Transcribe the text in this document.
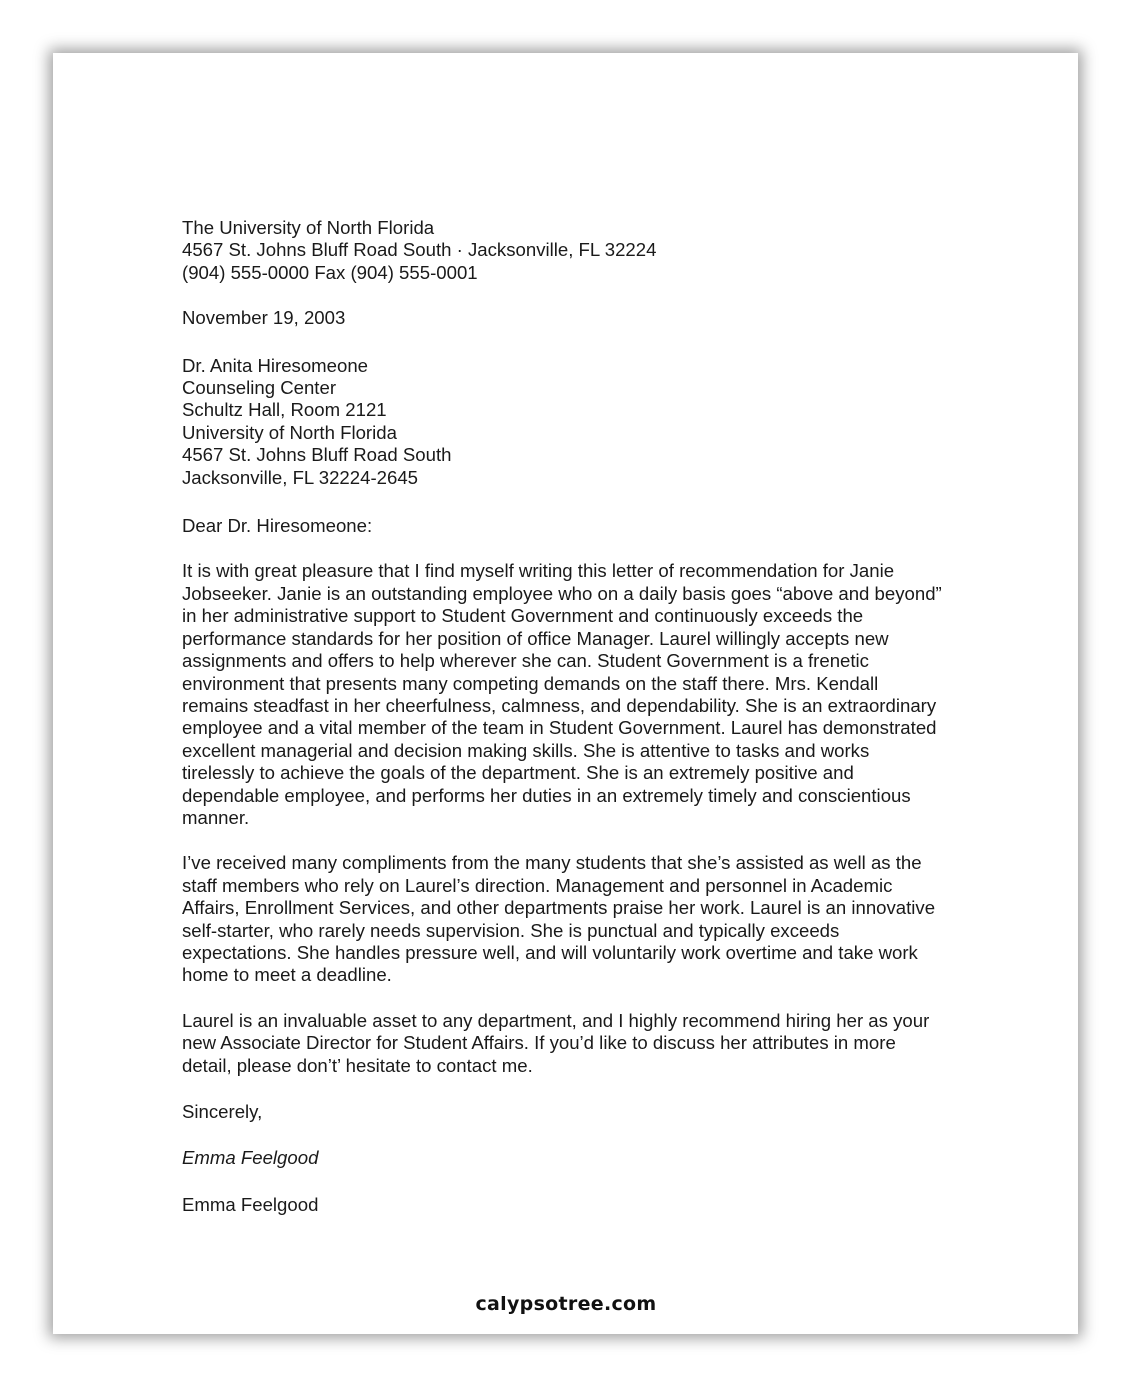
The University of North Florida
4567 St. Johns Bluff Road South · Jacksonville, FL 32224
(904) 555-0000 Fax (904) 555-0001
November 19, 2003
Dr. Anita Hiresomeone
Counseling Center
Schultz Hall, Room 2121
University of North Florida
4567 St. Johns Bluff Road South
Jacksonville, FL 32224-2645
Dear Dr. Hiresomeone:
It is with great pleasure that I find myself writing this letter of recommendation for Janie
Jobseeker. Janie is an outstanding employee who on a daily basis goes “above and beyond”
in her administrative support to Student Government and continuously exceeds the
performance standards for her position of office Manager. Laurel willingly accepts new
assignments and offers to help wherever she can. Student Government is a frenetic
environment that presents many competing demands on the staff there. Mrs. Kendall
remains steadfast in her cheerfulness, calmness, and dependability. She is an extraordinary
employee and a vital member of the team in Student Government. Laurel has demonstrated
excellent managerial and decision making skills. She is attentive to tasks and works
tirelessly to achieve the goals of the department. She is an extremely positive and
dependable employee, and performs her duties in an extremely timely and conscientious
manner.
I’ve received many compliments from the many students that she’s assisted as well as the
staff members who rely on Laurel’s direction. Management and personnel in Academic
Affairs, Enrollment Services, and other departments praise her work. Laurel is an innovative
self-starter, who rarely needs supervision. She is punctual and typically exceeds
expectations. She handles pressure well, and will voluntarily work overtime and take work
home to meet a deadline.
Laurel is an invaluable asset to any department, and I highly recommend hiring her as your
new Associate Director for Student Affairs. If you’d like to discuss her attributes in more
detail, please don’t’ hesitate to contact me.
Sincerely,
Emma Feelgood
Emma Feelgood
calypsotree.com
